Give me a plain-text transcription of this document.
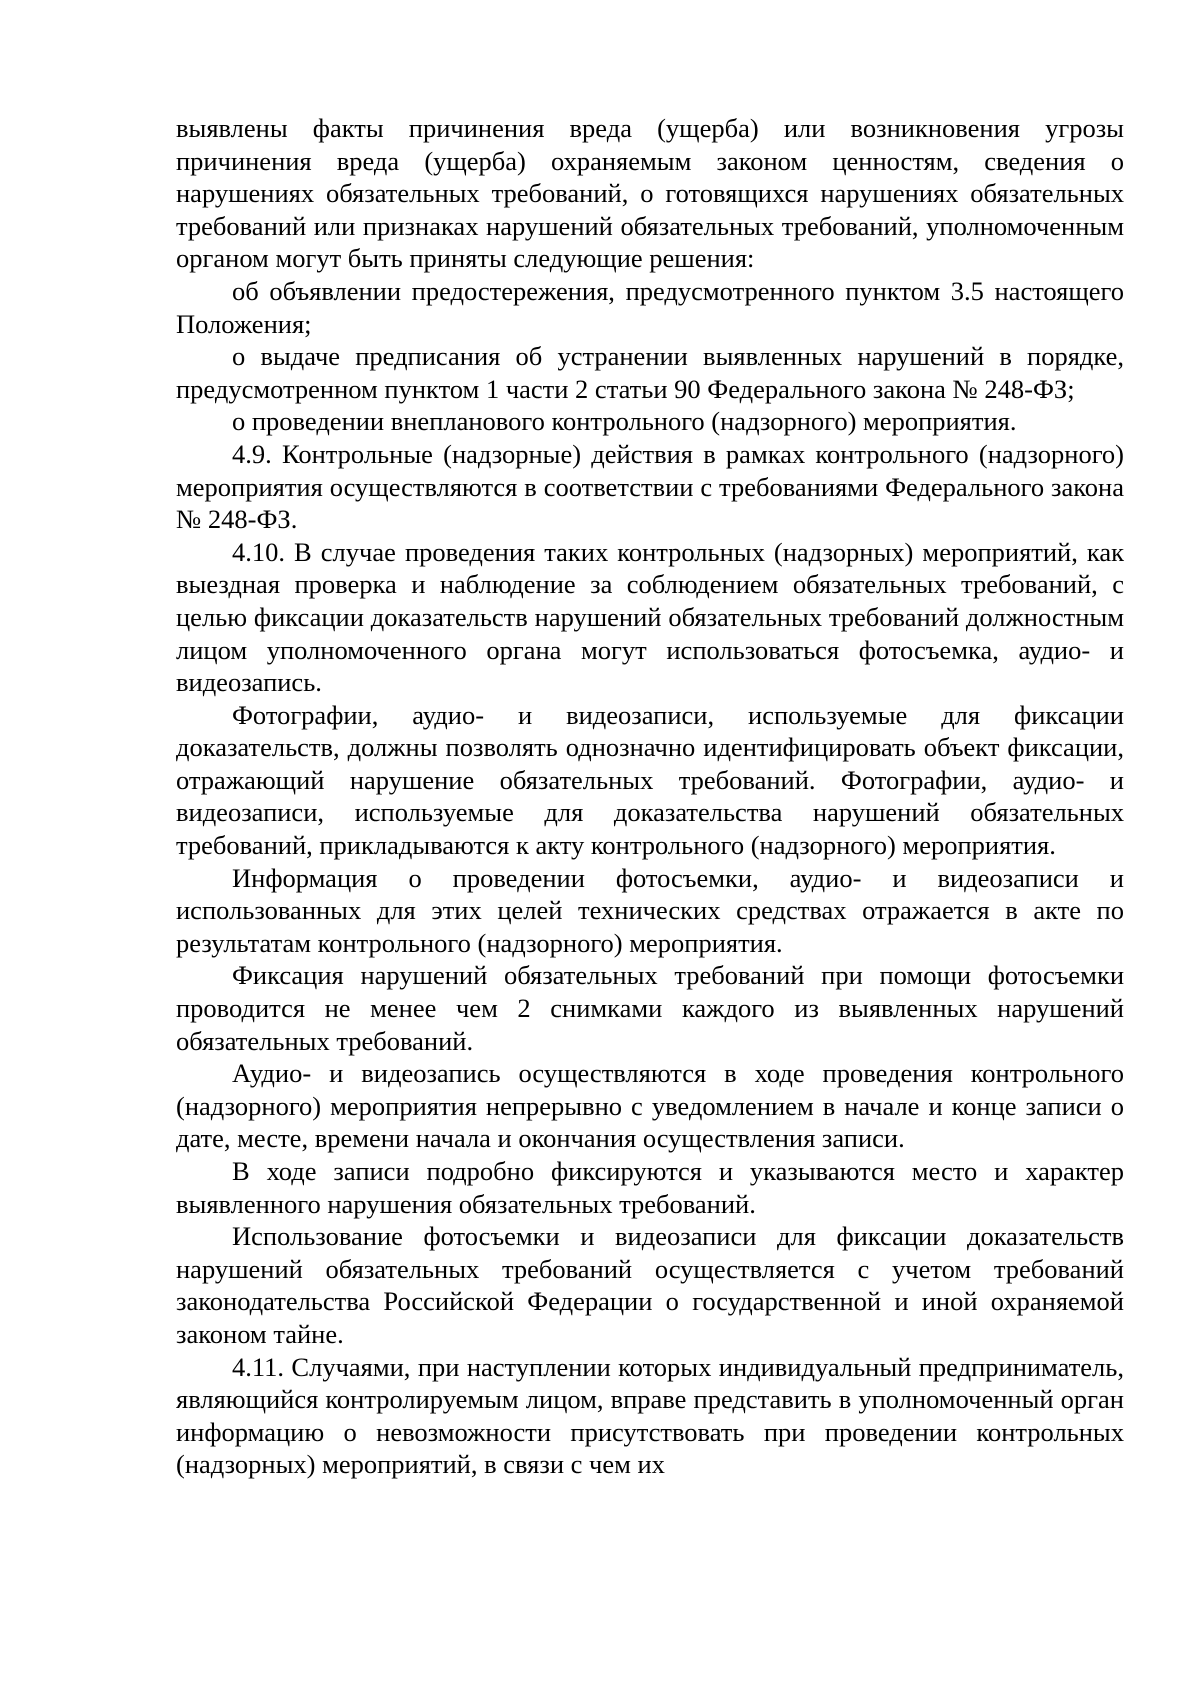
выявлены факты причинения вреда (ущерба) или возникновения угрозы причинения вреда (ущерба) охраняемым законом ценностям, сведения о нарушениях обязательных требований, о готовящихся нарушениях обязательных требований или признаках нарушений обязательных требований, уполномоченным органом могут быть приняты следующие решения:

об объявлении предостережения, предусмотренного пунктом 3.5 настоящего Положения;

о выдаче предписания об устранении выявленных нарушений в порядке, предусмотренном пунктом 1 части 2 статьи 90 Федерального закона № 248-ФЗ;

о проведении внепланового контрольного (надзорного) мероприятия.

4.9. Контрольные (надзорные) действия в рамках контрольного (надзорного) мероприятия осуществляются в соответствии с требованиями Федерального закона № 248-ФЗ.

4.10. В случае проведения таких контрольных (надзорных) мероприятий, как выездная проверка и наблюдение за соблюдением обязательных требований, с целью фиксации доказательств нарушений обязательных требований должностным лицом уполномоченного органа могут использоваться фотосъемка, аудио- и видеозапись.

Фотографии, аудио- и видеозаписи, используемые для фиксации доказательств, должны позволять однозначно идентифицировать объект фиксации, отражающий нарушение обязательных требований. Фотографии, аудио- и видеозаписи, используемые для доказательства нарушений обязательных требований, прикладываются к акту контрольного (надзорного) мероприятия.

Информация о проведении фотосъемки, аудио- и видеозаписи и использованных для этих целей технических средствах отражается в акте по результатам контрольного (надзорного) мероприятия.

Фиксация нарушений обязательных требований при помощи фотосъемки проводится не менее чем 2 снимками каждого из выявленных нарушений обязательных требований.

Аудио- и видеозапись осуществляются в ходе проведения контрольного (надзорного) мероприятия непрерывно с уведомлением в начале и конце записи о дате, месте, времени начала и окончания осуществления записи.

В ходе записи подробно фиксируются и указываются место и характер выявленного нарушения обязательных требований.

Использование фотосъемки и видеозаписи для фиксации доказательств нарушений обязательных требований осуществляется с учетом требований законодательства Российской Федерации о государственной и иной охраняемой законом тайне.

4.11. Случаями, при наступлении которых индивидуальный предприниматель, являющийся контролируемым лицом, вправе представить в уполномоченный орган информацию о невозможности присутствовать при проведении контрольных (надзорных) мероприятий, в связи с чем их
